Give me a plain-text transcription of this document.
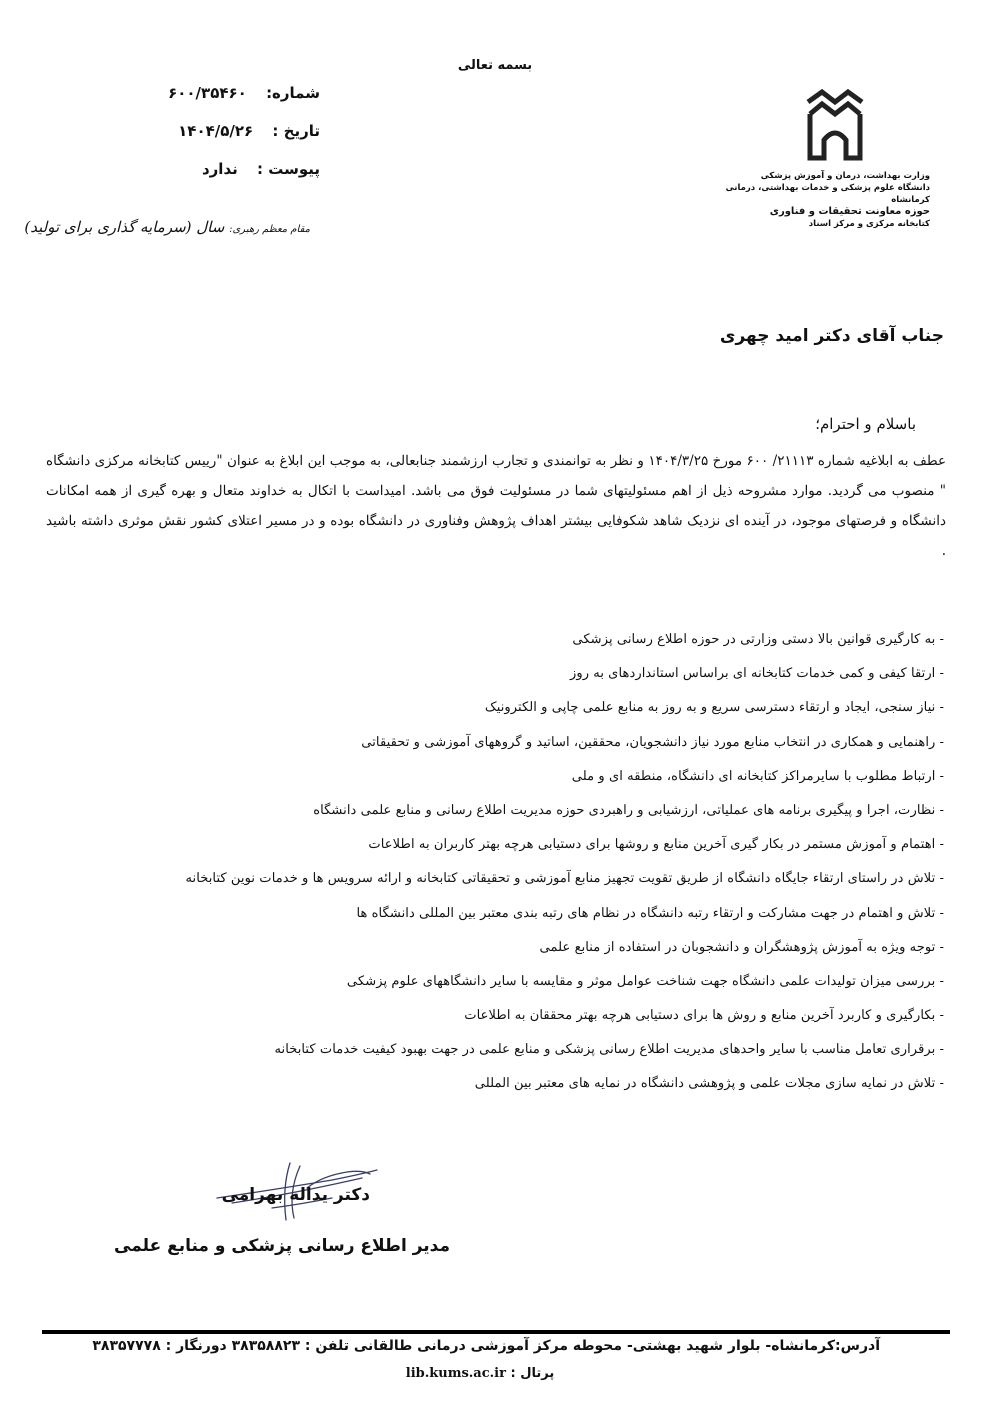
بسمه تعالی
شماره: ۶۰۰/۳۵۴۶۰
تاریخ : ۱۴۰۴/۵/۲۶
پیوست : ندارد
مقام معظم رهبری: سال (سرمایه گذاری برای تولید)
وزارت بهداشت، درمان و آموزش پزشکی
دانشگاه علوم پزشکی و خدمات بهداشتی، درمانی کرمانشاه
حوزه معاونت تحقیقات و فناوری
کتابخانه مرکزی و مرکز اسناد
جناب آقای دکتر امید چهری
باسلام و احترام؛
عطف به ابلاغیه شماره ۲۱۱۱۳/ ۶۰۰ مورخ ۱۴۰۴/۳/۲۵ و نظر به توانمندی و تجارب ارزشمند جنابعالی، به موجب این ابلاغ به عنوان "رییس کتابخانه مرکزی دانشگاه " منصوب می گردید. موارد مشروحه ذیل از اهم مسئولیتهای شما در مسئولیت فوق می باشد. امیداست با اتکال به خداوند متعال و بهره گیری از همه امکانات دانشگاه و فرصتهای موجود، در آینده ای نزدیک شاهد شکوفایی بیشتر اهداف پژوهش وفناوری در دانشگاه بوده و در مسیر اعتلای کشور نقش موثری داشته باشید .
- به کارگیری قوانین بالا دستی وزارتی در حوزه اطلاع رسانی پزشکی
- ارتقا کیفی و کمی خدمات کتابخانه ای براساس استانداردهای به روز
- نیاز سنجی، ایجاد و ارتقاء دسترسی سریع و به روز به منابع علمی چاپی و الکترونیک
- راهنمایی و همکاری در انتخاب منابع مورد نیاز دانشجویان، محققین، اساتید و گروههای آموزشی و تحقیقاتی
- ارتباط مطلوب با سایرمراکز کتابخانه ای دانشگاه، منطقه ای و ملی
- نظارت، اجرا و پیگیری برنامه های عملیاتی، ارزشیابی و راهبردی حوزه مدیریت اطلاع رسانی و منابع علمی دانشگاه
- اهتمام و آموزش مستمر در بکار گیری آخرین منابع و روشها برای دستیابی هرچه بهتر کاربران به اطلاعات
- تلاش در راستای ارتقاء جایگاه دانشگاه از طریق تقویت تجهیز منابع آموزشی و تحقیقاتی کتابخانه و ارائه سرویس ها و خدمات نوین کتابخانه
- تلاش و اهتمام در جهت مشارکت و ارتقاء رتبه دانشگاه در نظام های رتبه بندی معتبر بین المللی دانشگاه ها
- توجه ویژه به آموزش پژوهشگران و دانشجوبان در استفاده از منابع علمی
- بررسی میزان تولیدات علمی دانشگاه جهت شناخت عوامل موثر و مقایسه با سایر دانشگاههای علوم پزشکی
- بکارگیری و کاربرد آخرین منابع و روش ها برای دستیابی هرچه بهتر محققان به اطلاعات
- برقراری تعامل مناسب با سایر واحدهای مدیریت اطلاع رسانی پزشکی و منابع علمی در جهت بهبود کیفیت خدمات کتابخانه
- تلاش در نمایه سازی مجلات علمی و پژوهشی دانشگاه در نمایه های معتبر بین المللی
دکتر یداله بهرامی
مدیر اطلاع رسانی پزشکی و منابع علمی
آدرس:کرمانشاه- بلوار شهید بهشتی- محوطه مرکز آموزشی درمانی طالقانی تلفن : ۳۸۳۵۸۸۲۳ دورنگار : ۳۸۳۵۷۷۷۸
پرتال : lib.kums.ac.ir
